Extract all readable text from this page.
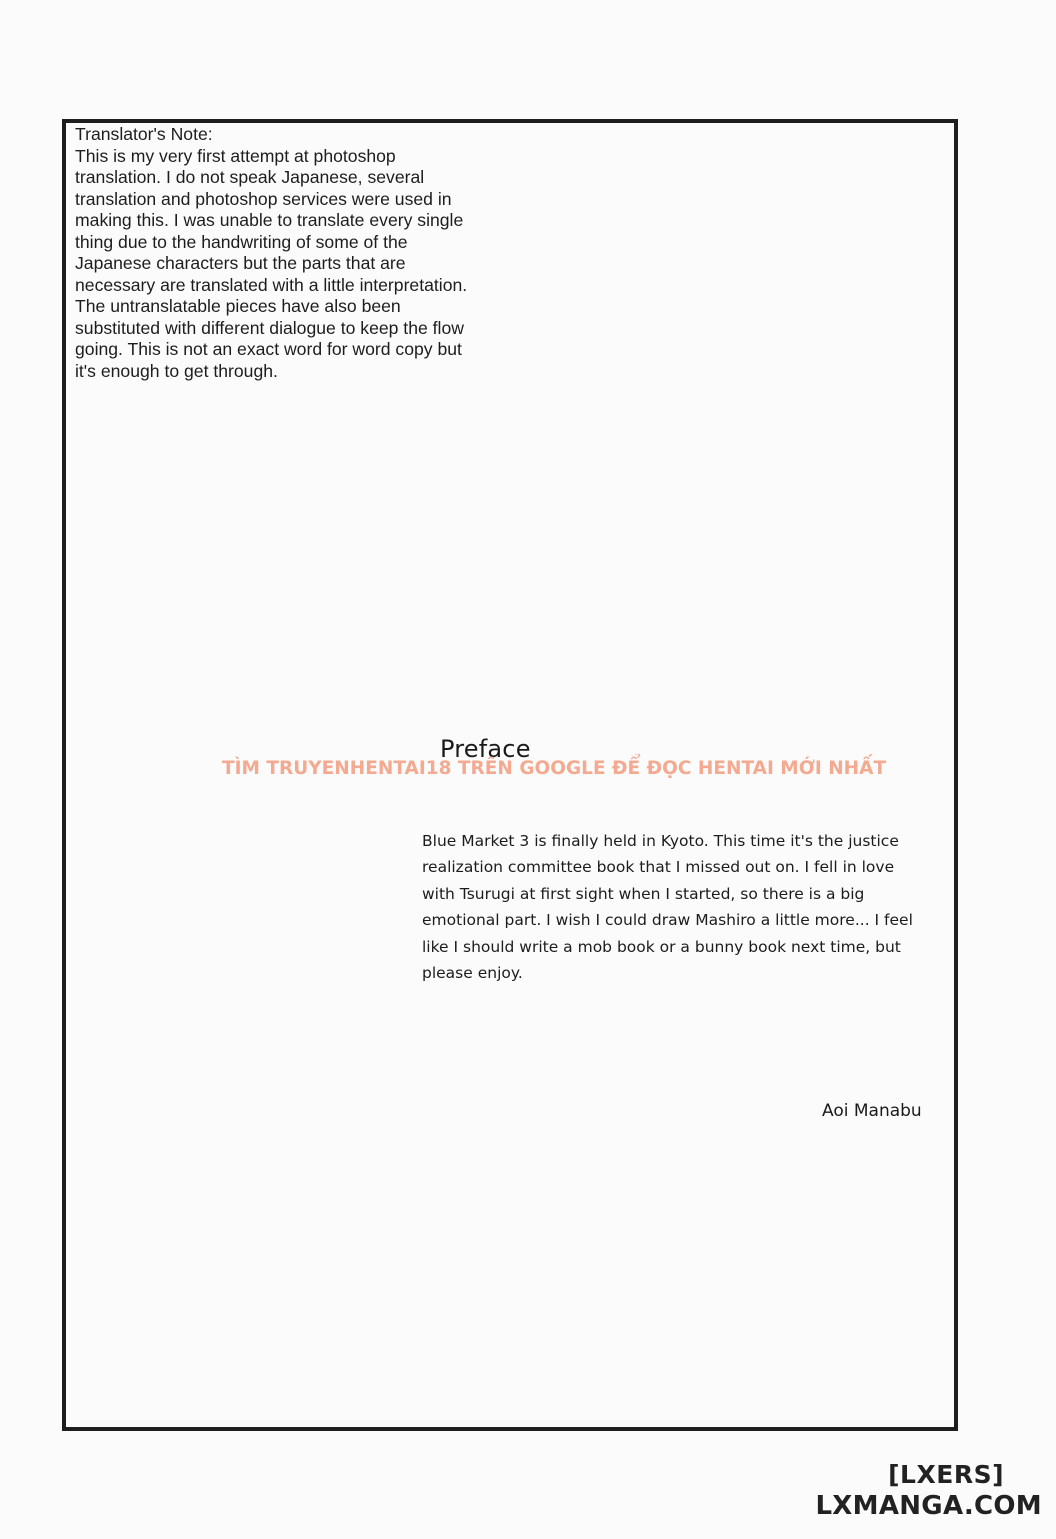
Translator's Note:
This is my very first attempt at photoshop
translation. I do not speak Japanese, several
translation and photoshop services were used in
making this. I was unable to translate every single
thing due to the handwriting of some of the
Japanese characters but the parts that are
necessary are translated with a little interpretation.
The untranslatable pieces have also been
substituted with different dialogue to keep the flow
going. This is not an exact word for word copy but
it's enough to get through.
Preface
TÌM TRUYENHENTAI18 TRÊN GOOGLE ĐỂ ĐỌC HENTAI MỚI NHẤT
Blue Market 3 is finally held in Kyoto. This time it's the justice
realization committee book that I missed out on. I fell in love
with Tsurugi at first sight when I started, so there is a big
emotional part. I wish I could draw Mashiro a little more... I feel
like I should write a mob book or a bunny book next time, but
please enjoy.
Aoi Manabu
[LXERS]
LXMANGA.COM
